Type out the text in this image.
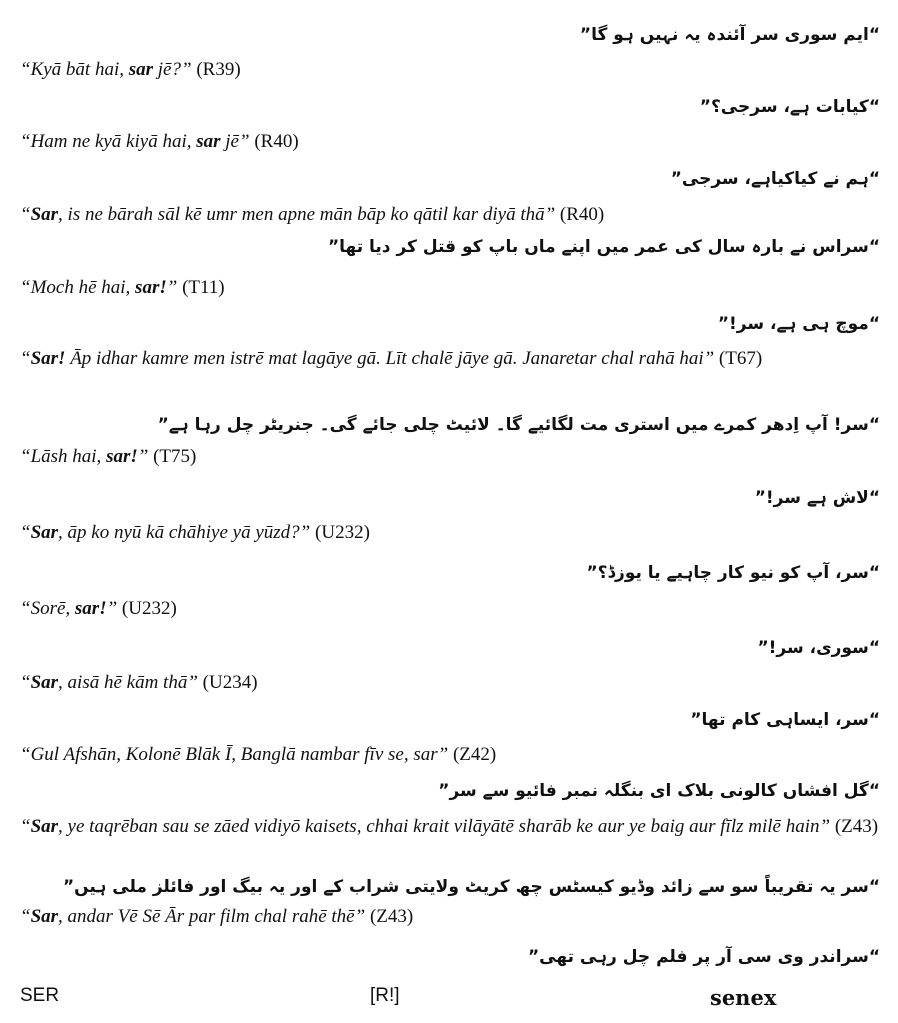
“ایم سوری سر آئندہ یہ نہیں ہو گا”
“Kyā bāt hai, sar jē?” (R39)
“کیابات ہے، سرجی؟”
“Ham ne kyā kiyā hai, sar jē” (R40)
“ہم نے کیاکیاہے، سرجی”
“Sar, is ne bārah sāl kē umr men apne mān bāp ko qātil kar diyā thā” (R40)
“سراس نے بارہ سال کی عمر میں اپنے ماں باپ کو قتل کر دیا تھا”
“Moch hē hai, sar!” (T11)
“موچ ہی ہے، سر!”
“Sar! Āp idhar kamre men istrē mat lagāye gā. Līt chalē jāye gā. Janaretar chal rahā hai” (T67)
“سر! آپ اِدھر کمرے میں استری مت لگائیے گا۔ لائیٹ چلی جائے گی۔ جنریٹر چل رہا ہے”
“Lāsh hai, sar!” (T75)
“لاش ہے سر!”
“Sar, āp ko nyū kā chāhiye yā yūzd?” (U232)
“سر، آپ کو نیو کار چاہیے یا یوزڈ؟”
“Sorē, sar!” (U232)
“سوری، سر!”
“Sar, aisā hē kām thā” (U234)
“سر، ایساہی کام تھا”
“Gul Afshān, Kolonē Blāk Ī, Banglā nambar fīv se, sar” (Z42)
“گل افشاں کالونی بلاک ای بنگلہ نمبر فائیو سے سر”
“Sar, ye taqrēban sau se zāed vidiyō kaisets, chhai krait vilāyātē sharāb ke aur ye baig aur fīlz milē hain” (Z43)
“سر یہ تقریباً سو سے زائد وڈیو کیسٹس چھ کریٹ ولایتی شراب کے اور یہ بیگ اور فائلز ملی ہیں”
“Sar, andar Vē Sē Ār par film chal rahē thē” (Z43)
“سراندر وی سی آر پر فلم چل رہی تھی”
SER	[R!]	senex
